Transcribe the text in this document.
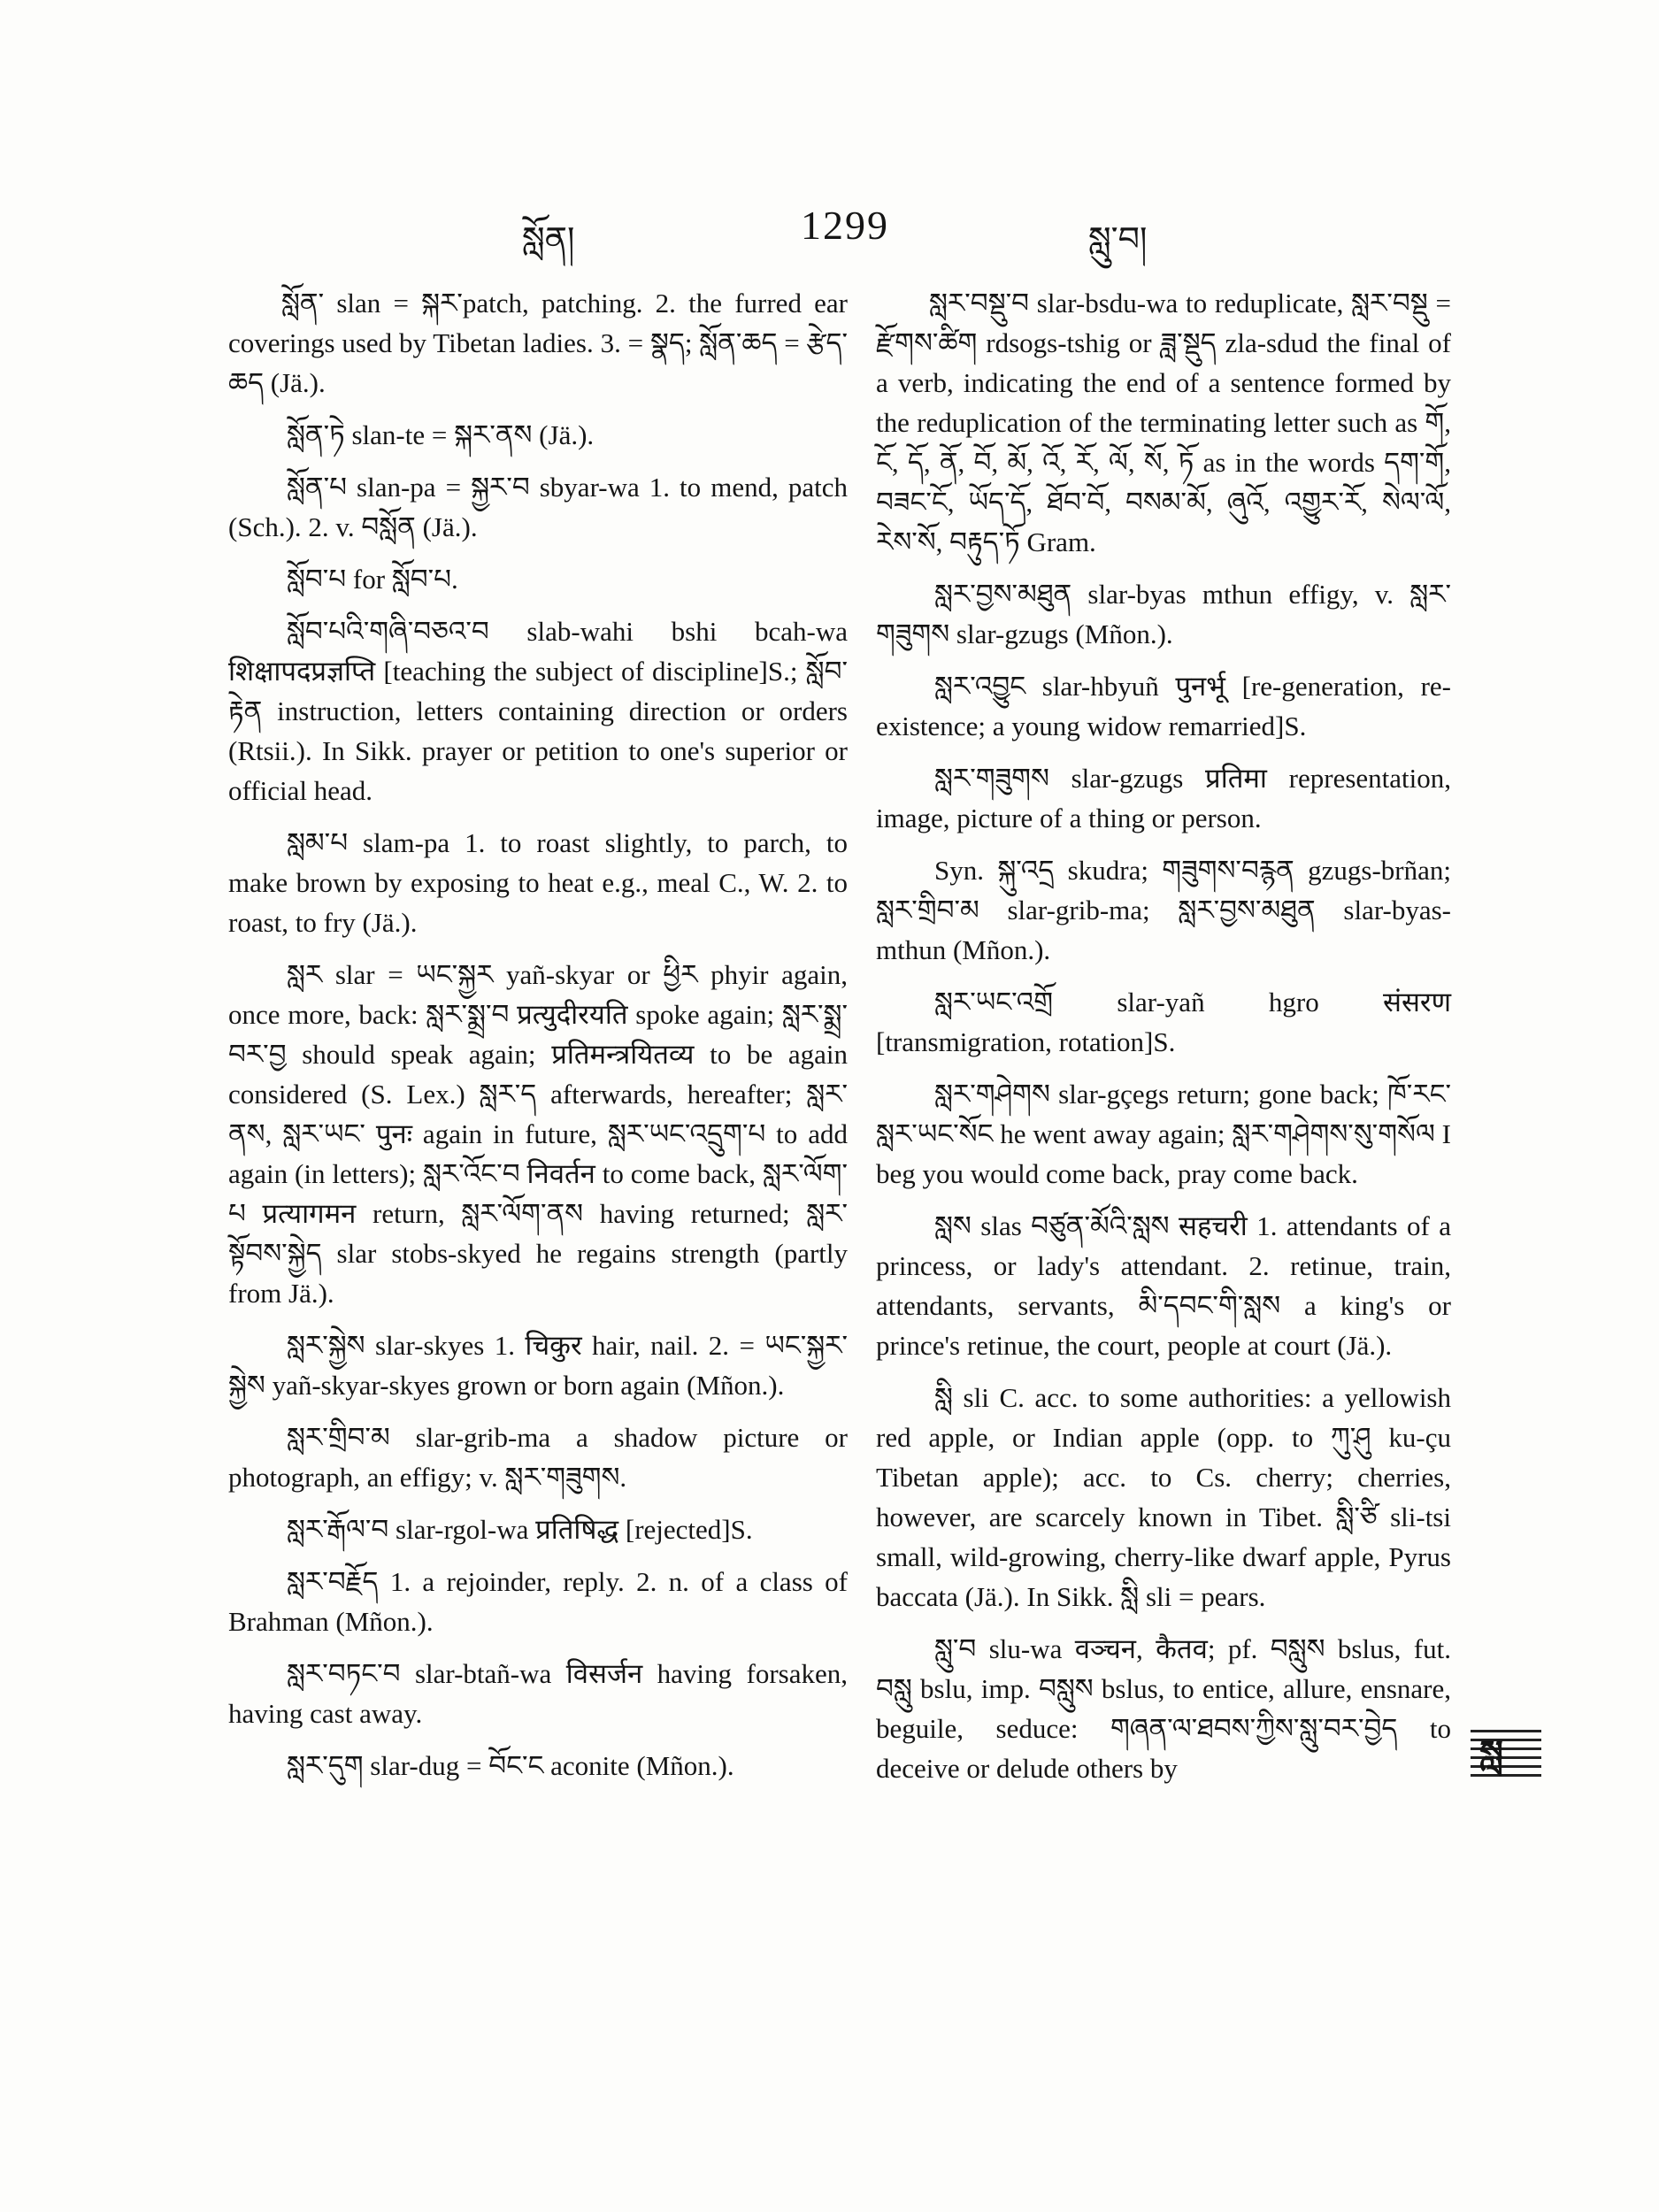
སློན།	1299	སླུ་བ།

སློན་ slan = སྐར་patch, patching. 2. the furred ear coverings used by Tibetan ladies. 3. = སྣད; སློན་ཆད = རྩེད་ཆད (Jä.).

སློན་ཏེ slan-te = སྐར་ནས (Jä.).

སློན་པ slan-pa = སྐྱར་བ sbyar-wa 1. to mend, patch (Sch.). 2. v. བསློན (Jä.).

སློབ་པ for སློབ་པ.

སློབ་པའི་གཞི་བཅའ་བ slab-wahi bshi bcah-wa शिक्षापदप्रज्ञप्ति [teaching the subject of discipline]S.; སློབ་རྟེན instruction, letters containing direction or orders (Rtsii.). In Sikk. prayer or petition to one's superior or official head.

སླམ་པ slam-pa 1. to roast slightly, to parch, to make brown by exposing to heat e.g., meal C., W. 2. to roast, to fry (Jä.).

སླར slar = ཡང་སྐྱར yañ-skyar or ཕྱིར phyir again, once more, back: སླར་སྨྲ་བ प्रत्युदीरयति spoke again; སླར་སྨྲ་བར་བྱ should speak again; प्रतिमन्त्रयितव्य to be again considered (S. Lex.) སླར་ད afterwards, hereafter; སླར་ནས, སླར་ཡང་ पुनः again in future, སླར་ཡང་འདྲུག་པ to add again (in letters); སླར་འོང་བ निवर्तन to come back, སླར་ལོག་པ प्रत्यागमन return, སླར་ལོག་ནས having returned; སླར་སྟོབས་སྐྱེད slar stobs-skyed he regains strength (partly from Jä.).

སླར་སྐྱེས slar-skyes 1. चिकुर hair, nail. 2. = ཡང་སྐྱར་སྐྱེས yañ-skyar-skyes grown or born again (Mñon.).

སླར་གྲིབ་མ slar-grib-ma a shadow picture or photograph, an effigy; v. སླར་གཟུགས.

སླར་རྒོལ་བ slar-rgol-wa प्रतिषिद्ध [rejected]S.

སླར་བརྗོད 1. a rejoinder, reply. 2. n. of a class of Brahman (Mñon.).

སླར་བཏང་བ slar-btañ-wa विसर्जन having forsaken, having cast away.

སླར་དུག slar-dug = བོང་ང aconite (Mñon.).

སླར་བསྡུ་བ slar-bsdu-wa to reduplicate, སླར་བསྡུ = རྫོགས་ཚིག rdsogs-tshig or ཟླ་སྡུད zla-sdud the final of a verb, indicating the end of a sentence formed by the reduplication of the terminating letter such as གོ, ངོ, དོ, ནོ, བོ, མོ, འོ, རོ, ལོ, སོ, ཏོ as in the words དག་གོ, བཟང་ངོ, ཡོད་དོ, ཐོབ་བོ, བསམ་མོ, ཞུའོ, འགྱུར་རོ, སེལ་ལོ, རེས་སོ, བརྟུད་ཏོ Gram.

སླར་བྱས་མཐུན slar-byas mthun effigy, v. སླར་གཟུགས slar-gzugs (Mñon.).

སླར་འབྱུང slar-hbyuñ पुनर्भू [re-generation, re-existence; a young widow remarried]S.

སླར་གཟུགས slar-gzugs प्रतिमा representation, image, picture of a thing or person.

Syn. སྐུ་འདྲ skudra; གཟུགས་བརྙན gzugs-brñan; སླར་གྲིབ་མ slar-grib-ma; སླར་བྱས་མཐུན slar-byas-mthun (Mñon.).

སླར་ཡང་འགྲོ slar-yañ hgro संसरण [transmigration, rotation]S.

སླར་གཤེགས slar-gçegs return; gone back; ཁོ་རང་སླར་ཡང་སོང he went away again; སླར་གཤེགས་སུ་གསོལ I beg you would come back, pray come back.

སླས slas བཙུན་མོའི་སླས सहचरी 1. attendants of a princess, or lady's attendant. 2. retinue, train, attendants, servants, མི་དབང་གི་སླས a king's or prince's retinue, the court, people at court (Jä.).

སླི sli C. acc. to some authorities: a yellowish red apple, or Indian apple (opp. to ཀུ་ཤུ ku-çu Tibetan apple); acc. to Cs. cherry; cherries, however, are scarcely known in Tibet. སླི་ཙི sli-tsi small, wild-growing, cherry-like dwarf apple, Pyrus baccata (Jä.). In Sikk. སླི sli = pears.

སླུ་བ slu-wa वञ्चन, कैतव; pf. བསླུས bslus, fut. བསླུ bslu, imp. བསླུས bslus, to entice, allure, ensnare, beguile, seduce: གཞན་ལ་ཐབས་ཀྱིས་སླུ་བར་བྱེད to deceive or delude others by	སླ
